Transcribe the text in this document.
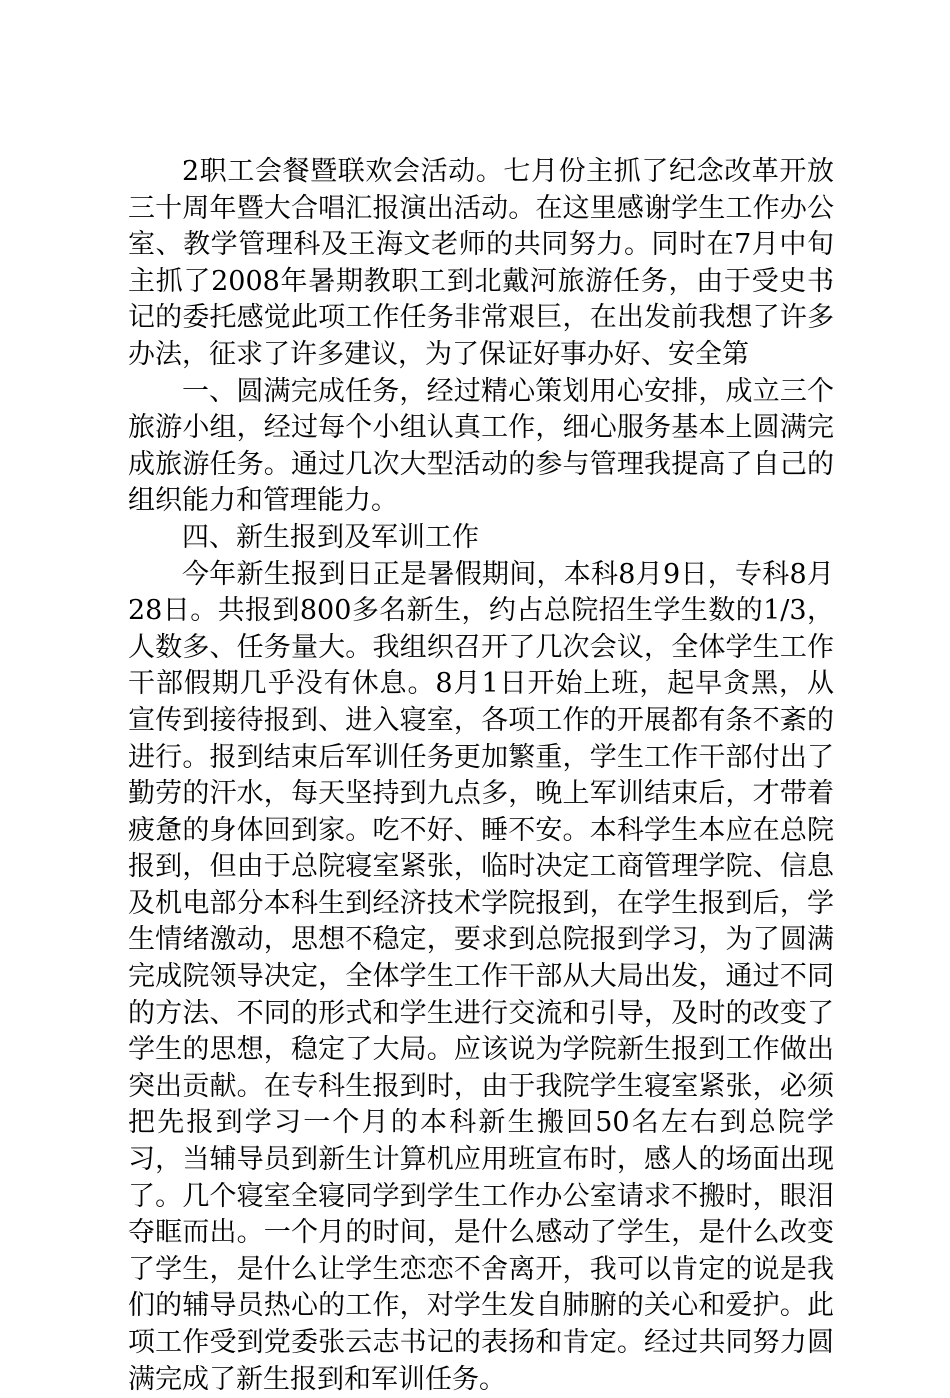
2职工会餐暨联欢会活动。七月份主抓了纪念改革开放三十周年暨大合唱汇报演出活动。在这里感谢学生工作办公室、教学管理科及王海文老师的共同努力。同时在7月中旬主抓了2008年暑期教职工到北戴河旅游任务，由于受史书记的委托感觉此项工作任务非常艰巨，在出发前我想了许多办法，征求了许多建议，为了保证好事办好、安全第

一、圆满完成任务，经过精心策划用心安排，成立三个旅游小组，经过每个小组认真工作，细心服务基本上圆满完成旅游任务。通过几次大型活动的参与管理我提高了自己的组织能力和管理能力。

四、新生报到及军训工作

今年新生报到日正是暑假期间，本科8月9日，专科8月28日。共报到800多名新生，约占总院招生学生数的1/3，人数多、任务量大。我组织召开了几次会议，全体学生工作干部假期几乎没有休息。8月1日开始上班，起早贪黑，从宣传到接待报到、进入寝室，各项工作的开展都有条不紊的进行。报到结束后军训任务更加繁重，学生工作干部付出了勤劳的汗水，每天坚持到九点多，晚上军训结束后，才带着疲惫的身体回到家。吃不好、睡不安。本科学生本应在总院报到，但由于总院寝室紧张，临时决定工商管理学院、信息及机电部分本科生到经济技术学院报到，在学生报到后，学生情绪激动，思想不稳定，要求到总院报到学习，为了圆满完成院领导决定，全体学生工作干部从大局出发，通过不同的方法、不同的形式和学生进行交流和引导，及时的改变了学生的思想，稳定了大局。应该说为学院新生报到工作做出突出贡献。在专科生报到时，由于我院学生寝室紧张，必须把先报到学习一个月的本科新生搬回50名左右到总院学习，当辅导员到新生计算机应用班宣布时，感人的场面出现了。几个寝室全寝同学到学生工作办公室请求不搬时，眼泪夺眶而出。一个月的时间，是什么感动了学生，是什么改变了学生，是什么让学生恋恋不舍离开，我可以肯定的说是我们的辅导员热心的工作，对学生发自肺腑的关心和爱护。此项工作受到党委张云志书记的表扬和肯定。经过共同努力圆满完成了新生报到和军训任务。
